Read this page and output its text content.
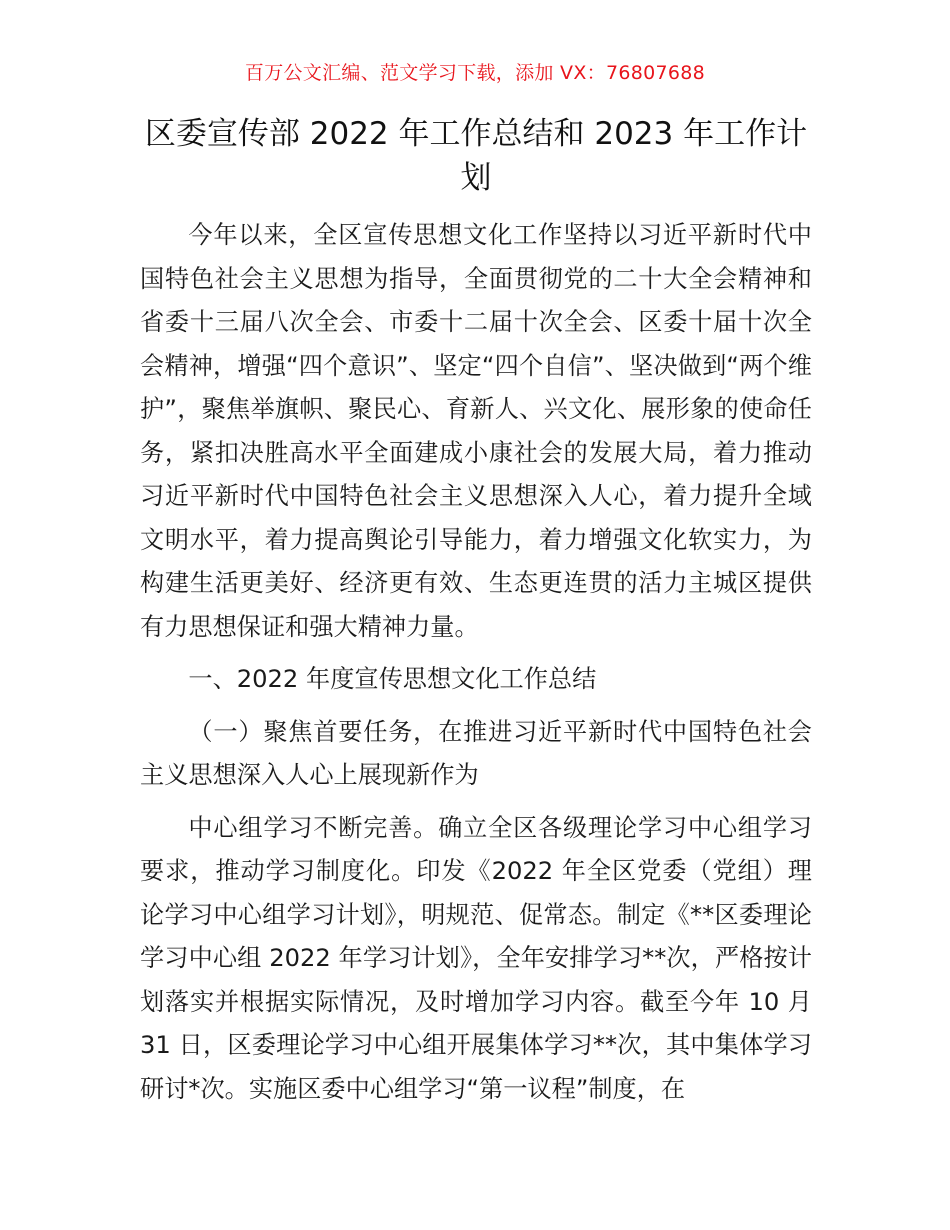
百万公文汇编、范文学习下载，添加 VX：76807688
区委宣传部 2022 年工作总结和 2023 年工作计划

今年以来，全区宣传思想文化工作坚持以习近平新时代中国特色社会主义思想为指导，全面贯彻党的二十大全会精神和省委十三届八次全会、市委十二届十次全会、区委十届十次全会精神，增强“四个意识”、坚定“四个自信”、坚决做到“两个维护”，聚焦举旗帜、聚民心、育新人、兴文化、展形象的使命任务，紧扣决胜高水平全面建成小康社会的发展大局，着力推动习近平新时代中国特色社会主义思想深入人心，着力提升全域文明水平，着力提高舆论引导能力，着力增强文化软实力，为构建生活更美好、经济更有效、生态更连贯的活力主城区提供有力思想保证和强大精神力量。

一、2022 年度宣传思想文化工作总结

（一）聚焦首要任务，在推进习近平新时代中国特色社会主义思想深入人心上展现新作为

中心组学习不断完善。确立全区各级理论学习中心组学习要求，推动学习制度化。印发《2022 年全区党委（党组）理论学习中心组学习计划》，明规范、促常态。制定《**区委理论学习中心组 2022 年学习计划》，全年安排学习**次，严格按计划落实并根据实际情况，及时增加学习内容。截至今年 10 月 31 日，区委理论学习中心组开展集体学习**次，其中集体学习研讨*次。实施区委中心组学习“第一议程”制度，在
